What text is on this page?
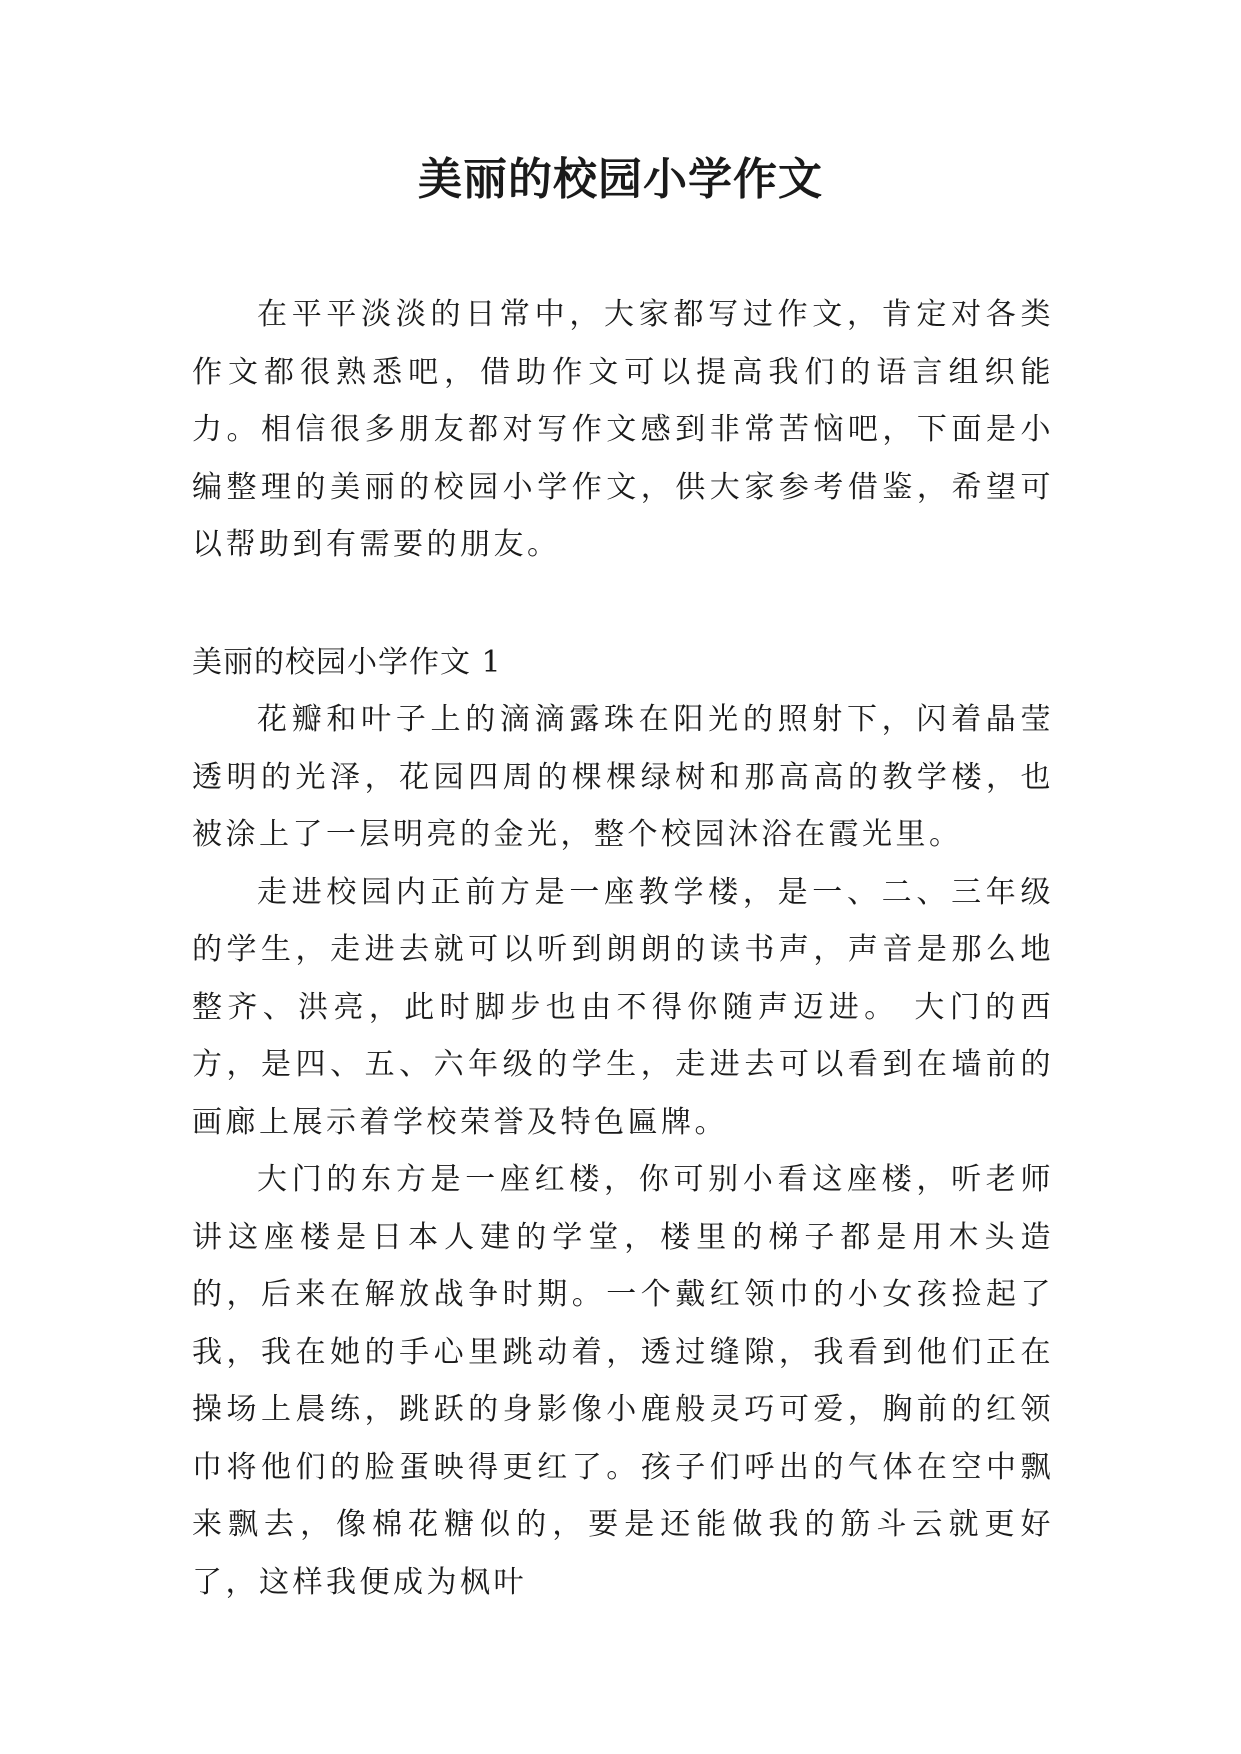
美丽的校园小学作文

在平平淡淡的日常中，大家都写过作文，肯定对各类作文都很熟悉吧，借助作文可以提高我们的语言组织能力。相信很多朋友都对写作文感到非常苦恼吧，下面是小编整理的美丽的校园小学作文，供大家参考借鉴，希望可以帮助到有需要的朋友。

美丽的校园小学作文 1

花瓣和叶子上的滴滴露珠在阳光的照射下，闪着晶莹透明的光泽，花园四周的棵棵绿树和那高高的教学楼，也被涂上了一层明亮的金光，整个校园沐浴在霞光里。

走进校园内正前方是一座教学楼，是一、二、三年级的学生，走进去就可以听到朗朗的读书声，声音是那么地整齐、洪亮，此时脚步也由不得你随声迈进。 大门的西方，是四、五、六年级的学生，走进去可以看到在墙前的画廊上展示着学校荣誉及特色匾牌。

大门的东方是一座红楼，你可别小看这座楼，听老师讲这座楼是日本人建的学堂，楼里的梯子都是用木头造的，后来在解放战争时期。一个戴红领巾的小女孩捡起了我，我在她的手心里跳动着，透过缝隙，我看到他们正在操场上晨练，跳跃的身影像小鹿般灵巧可爱，胸前的红领巾将他们的脸蛋映得更红了。孩子们呼出的气体在空中飘来飘去，像棉花糖似的，要是还能做我的筋斗云就更好了，这样我便成为枫叶
